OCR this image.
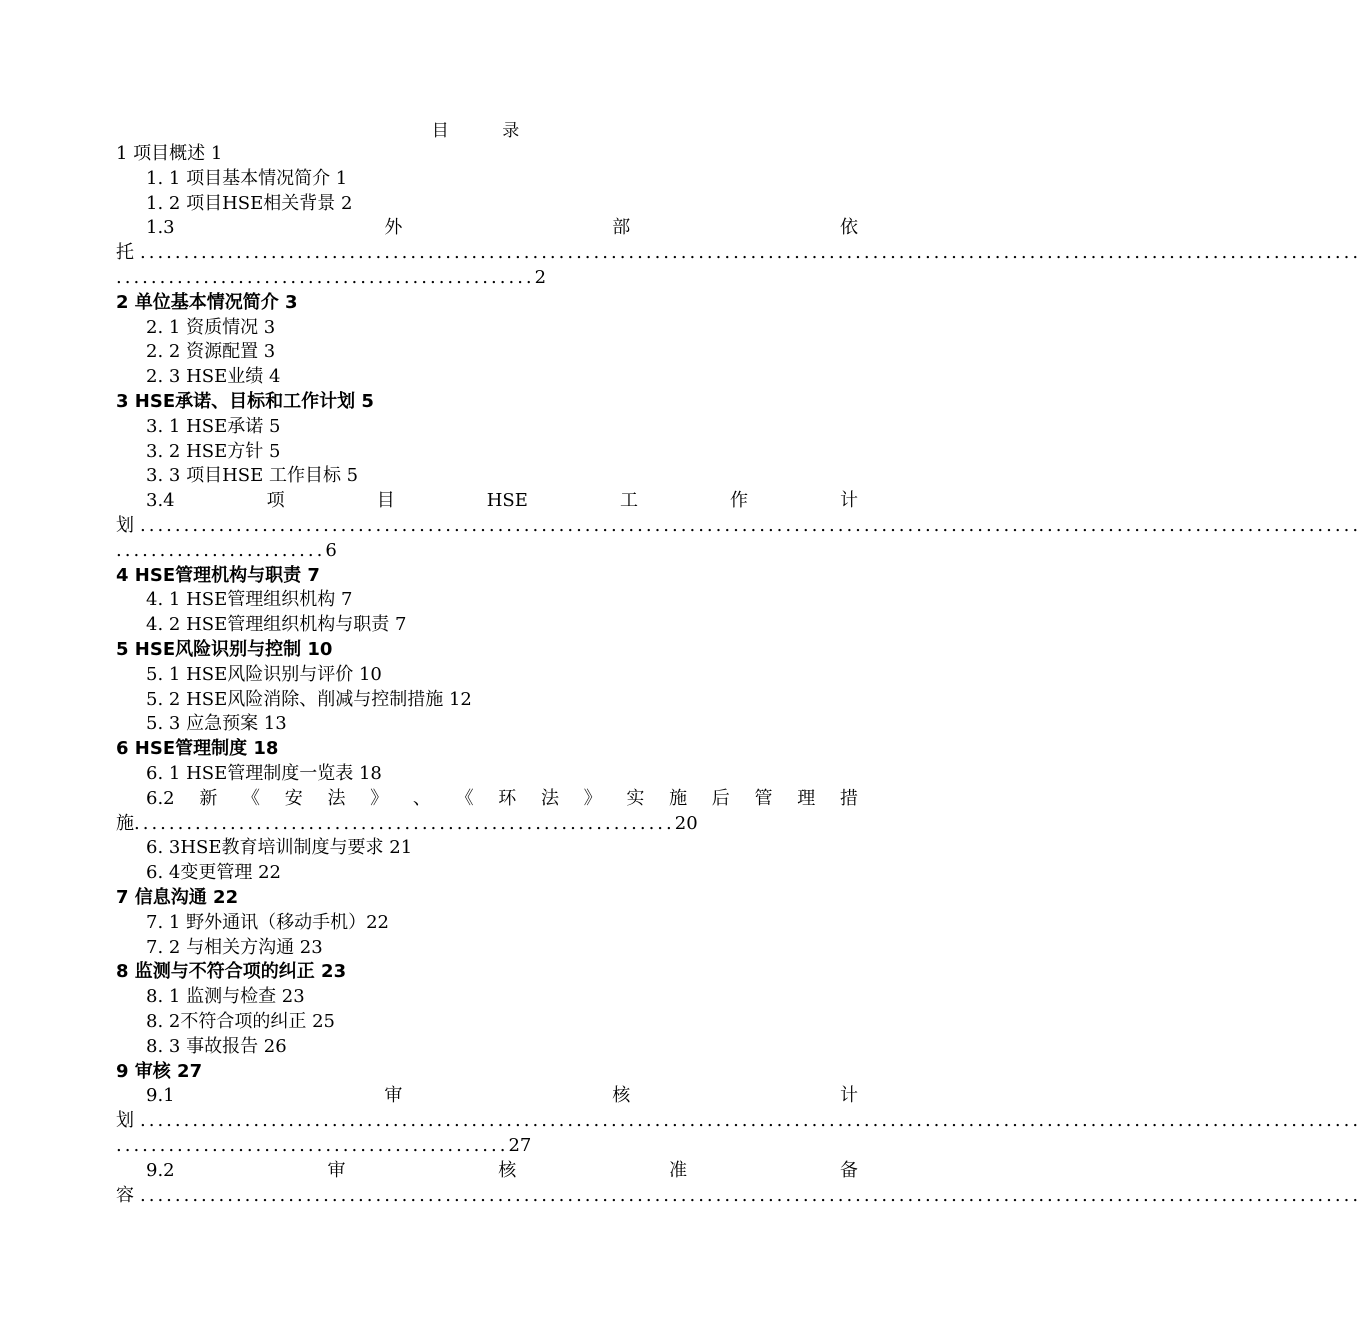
目 录
1 项目概述 1
1. 1 项目基本情况简介 1
1. 2 项目HSE相关背景 2
1.3	外	部	依
托 ............................................................................................................................................
................................................2
2 单位基本情况简介 3
2. 1 资质情况 3
2. 2 资源配置 3
2. 3 HSE业绩 4
3 HSE承诺、目标和工作计划 5
3. 1 HSE承诺 5
3. 2 HSE方针 5
3. 3 项目HSE 工作目标 5
3.4	项	目	HSE	工	作	计
划 ............................................................................................................................................
........................6
4 HSE管理机构与职责 7
4. 1 HSE管理组织机构 7
4. 2 HSE管理组织机构与职责 7
5 HSE风险识别与控制 10
5. 1 HSE风险识别与评价 10
5. 2 HSE风险消除、削减与控制措施 12
5. 3 应急预案 13
6 HSE管理制度 18
6. 1 HSE管理制度一览表 18
6.2 新 《 安 法 》 、 《 环 法 》 实 施 后 管 理 措
施 .............................................................. 20
6. 3HSE教育培训制度与要求 21
6. 4变更管理 22
7 信息沟通 22
7. 1 野外通讯（移动手机）22
7. 2 与相关方沟通 23
8 监测与不符合项的纠正 23
8. 1 监测与检查 23
8. 2不符合项的纠正 25
8. 3 事故报告 26
9 审核 27
9.1	审	核	计
划 ............................................................................................................................................
.............................................27
9.2	审	核	准	备
容 ............................................................................................................................................
